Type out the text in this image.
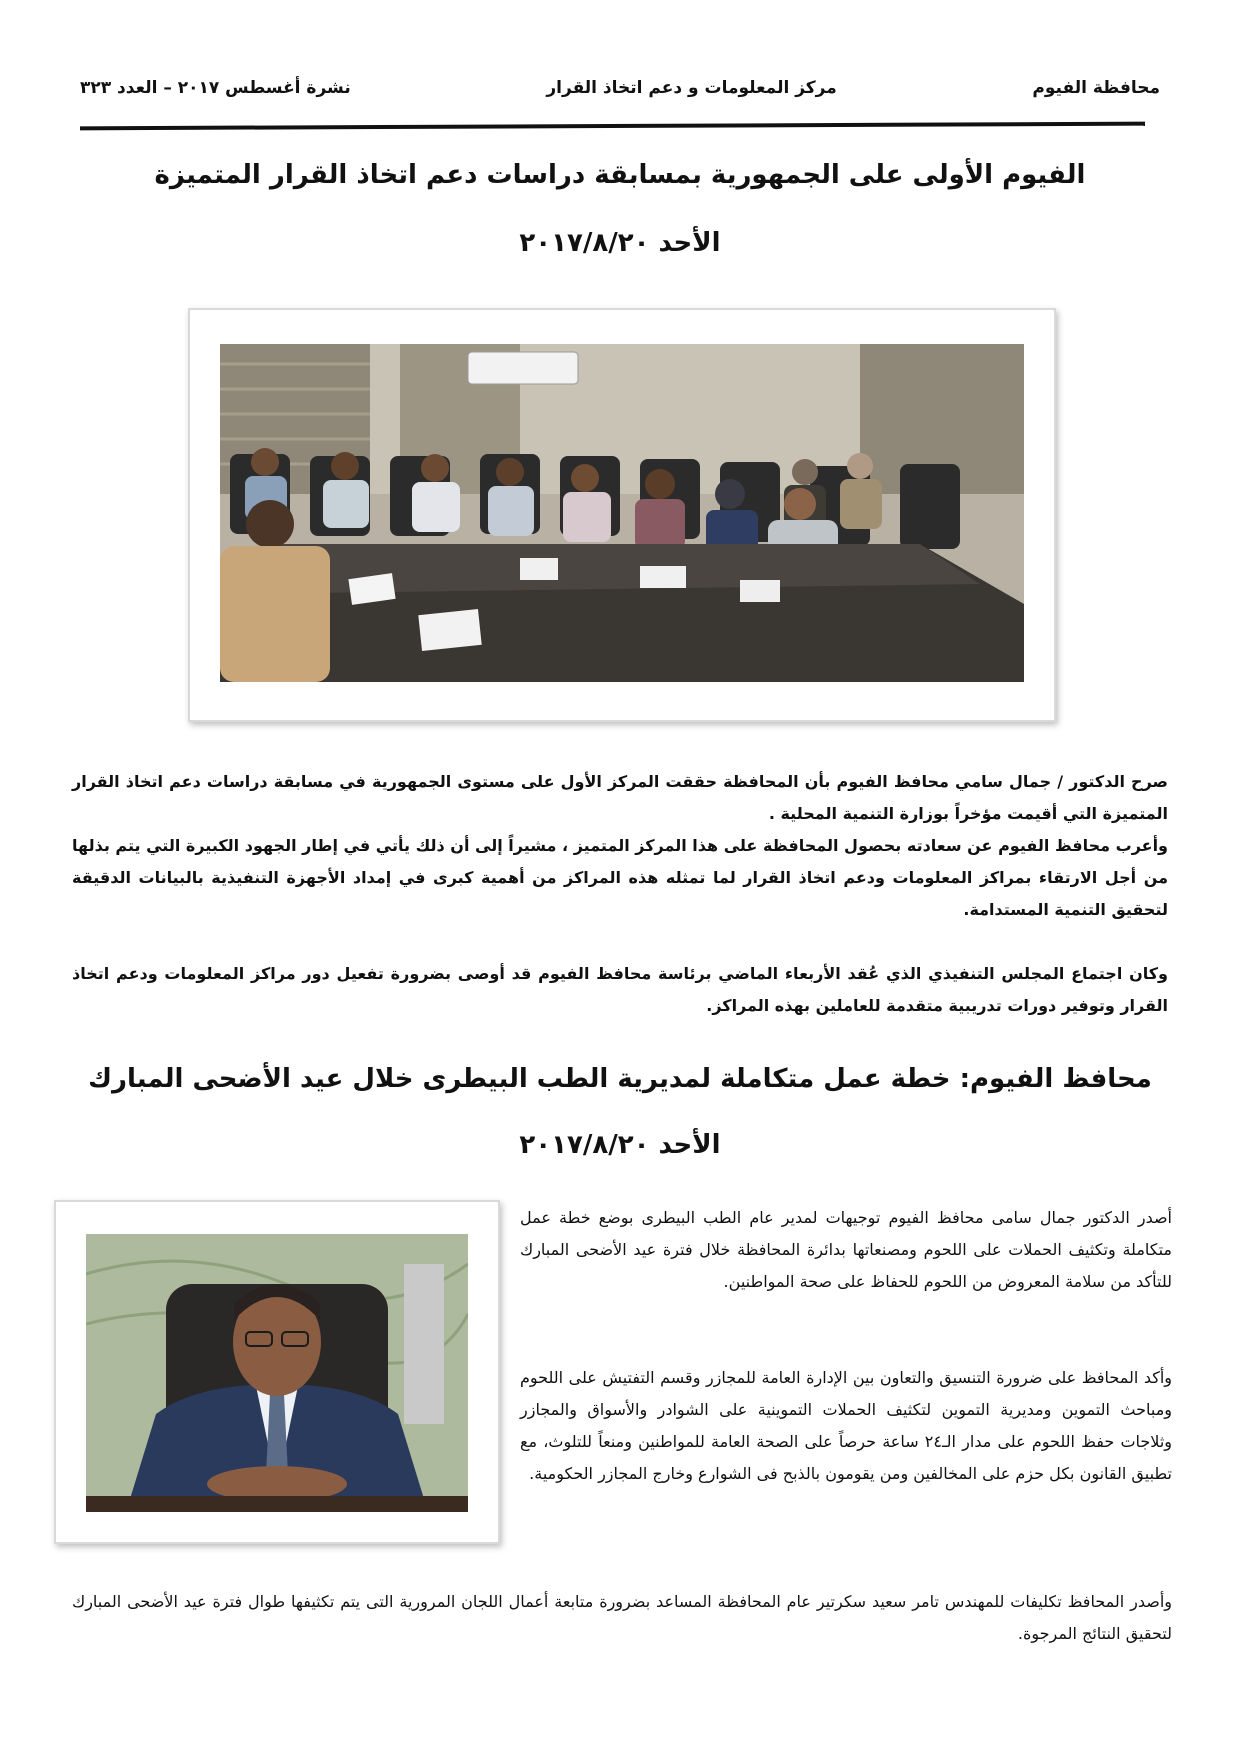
محافظة الفيوم
مركز المعلومات و دعم اتخاذ القرار
نشرة أغسطس ٢٠١٧ – العدد ٣٢٣
الفيوم الأولى على الجمهورية بمسابقة دراسات دعم اتخاذ القرار المتميزة
الأحد ٢٠١٧/٨/٢٠

صرح الدكتور / جمال سامي محافظ الفيوم بأن المحافظة حققت المركز الأول على مستوى الجمهورية في مسابقة دراسات دعم اتخاذ القرار المتميزة التي أقيمت مؤخراً بوزارة التنمية المحلية .

وأعرب محافظ الفيوم عن سعادته بحصول المحافظة على هذا المركز المتميز ، مشيراً إلى أن ذلك يأتي في إطار الجهود الكبيرة التي يتم بذلها من أجل الارتقاء بمراكز المعلومات ودعم اتخاذ القرار لما تمثله هذه المراكز من أهمية كبرى في إمداد الأجهزة التنفيذية بالبيانات الدقيقة لتحقيق التنمية المستدامة.

وكان اجتماع المجلس التنفيذي الذي عُقد الأربعاء الماضي برئاسة محافظ الفيوم قد أوصى بضرورة تفعيل دور مراكز المعلومات ودعم اتخاذ القرار وتوفير دورات تدريبية متقدمة للعاملين بهذه المراكز.

محافظ الفيوم: خطة عمل متكاملة لمديرية الطب البيطرى خلال عيد الأضحى المبارك
الأحد ٢٠١٧/٨/٢٠

أصدر الدكتور جمال سامى محافظ الفيوم توجيهات لمدير عام الطب البيطرى بوضع خطة عمل متكاملة وتكثيف الحملات على اللحوم ومصنعاتها بدائرة المحافظة خلال فترة عيد الأضحى المبارك للتأكد من سلامة المعروض من اللحوم للحفاظ على صحة المواطنين.

وأكد المحافظ على ضرورة التنسيق والتعاون بين الإدارة العامة للمجازر وقسم التفتيش على اللحوم ومباحث التموين ومديرية التموين لتكثيف الحملات التموينية على الشوادر والأسواق والمجازر وثلاجات حفظ اللحوم على مدار الـ٢٤ ساعة حرصاً على الصحة العامة للمواطنين ومنعاً للتلوث، مع تطبيق القانون بكل حزم على المخالفين ومن يقومون بالذبح فى الشوارع وخارج المجازر الحكومية.

وأصدر المحافظ تكليفات للمهندس تامر سعيد سكرتير عام المحافظة المساعد بضرورة متابعة أعمال اللجان المرورية التى يتم تكثيفها طوال فترة عيد الأضحى المبارك لتحقيق النتائج المرجوة.
